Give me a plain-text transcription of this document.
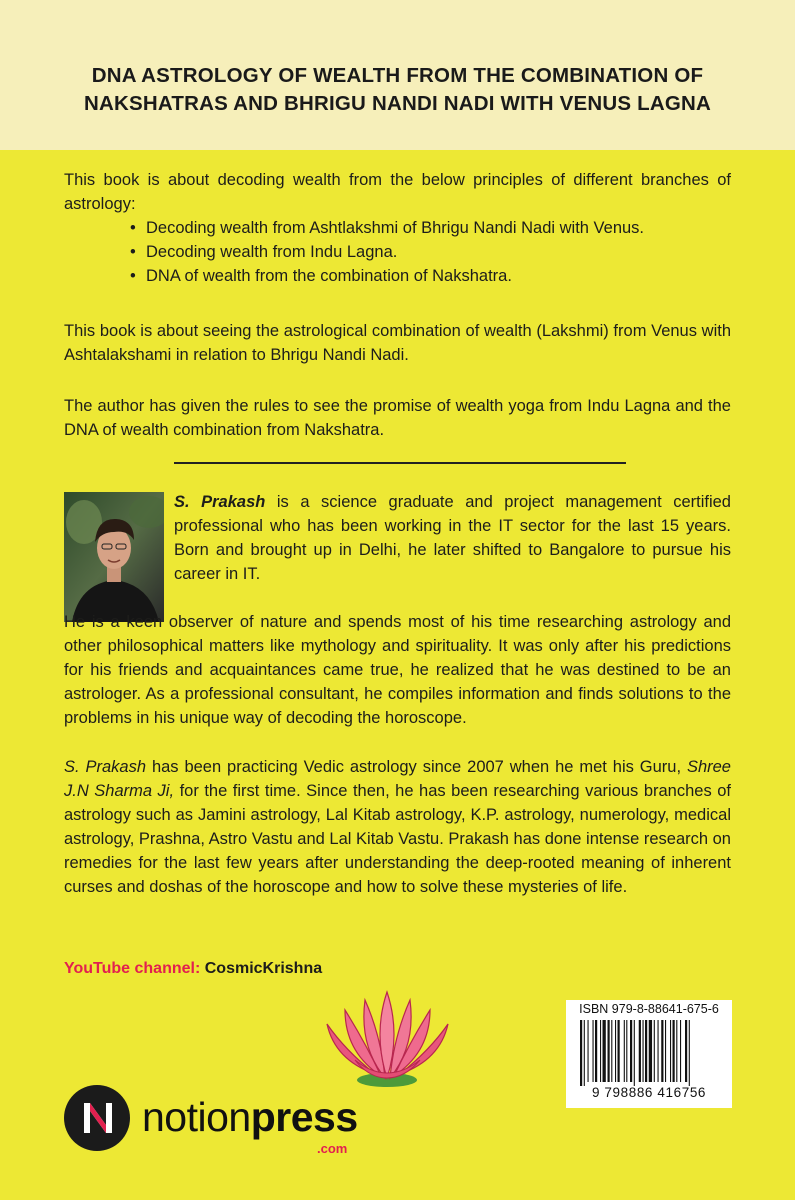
DNA ASTROLOGY OF WEALTH FROM THE COMBINATION OF
NAKSHATRAS AND BHRIGU NANDI NADI WITH VENUS LAGNA
This book is about decoding wealth from the below principles of different branches of astrology:
• Decoding wealth from Ashtlakshmi of Bhrigu Nandi Nadi with Venus.
• Decoding wealth from Indu Lagna.
• DNA of wealth from the combination of Nakshatra.
This book is about seeing the astrological combination of wealth (Lakshmi) from Venus with Ashtalakshami in relation to Bhrigu Nandi Nadi.
The author has given the rules to see the promise of wealth yoga from Indu Lagna and the DNA of wealth combination from Nakshatra.
S. Prakash is a science graduate and project management certified professional who has been working in the IT sector for the last 15 years. Born and brought up in Delhi, he later shifted to Bangalore to pursue his career in IT.
He is a keen observer of nature and spends most of his time researching astrology and other philosophical matters like mythology and spirituality. It was only after his predictions for his friends and acquaintances came true, he realized that he was destined to be an astrologer. As a professional consultant, he compiles information and finds solutions to the problems in his unique way of decoding the horoscope.
S. Prakash has been practicing Vedic astrology since 2007 when he met his Guru, Shree J.N Sharma Ji, for the first time. Since then, he has been researching various branches of astrology such as Jamini astrology, Lal Kitab astrology, K.P. astrology, numerology, medical astrology, Prashna, Astro Vastu and Lal Kitab Vastu. Prakash has done intense research on remedies for the last few years after understanding the deep-rooted meaning of inherent curses and doshas of the horoscope and how to solve these mysteries of life.
YouTube channel: CosmicKrishna
notionpress
.com
ISBN 979-8-88641-675-6
9 798886 416756
